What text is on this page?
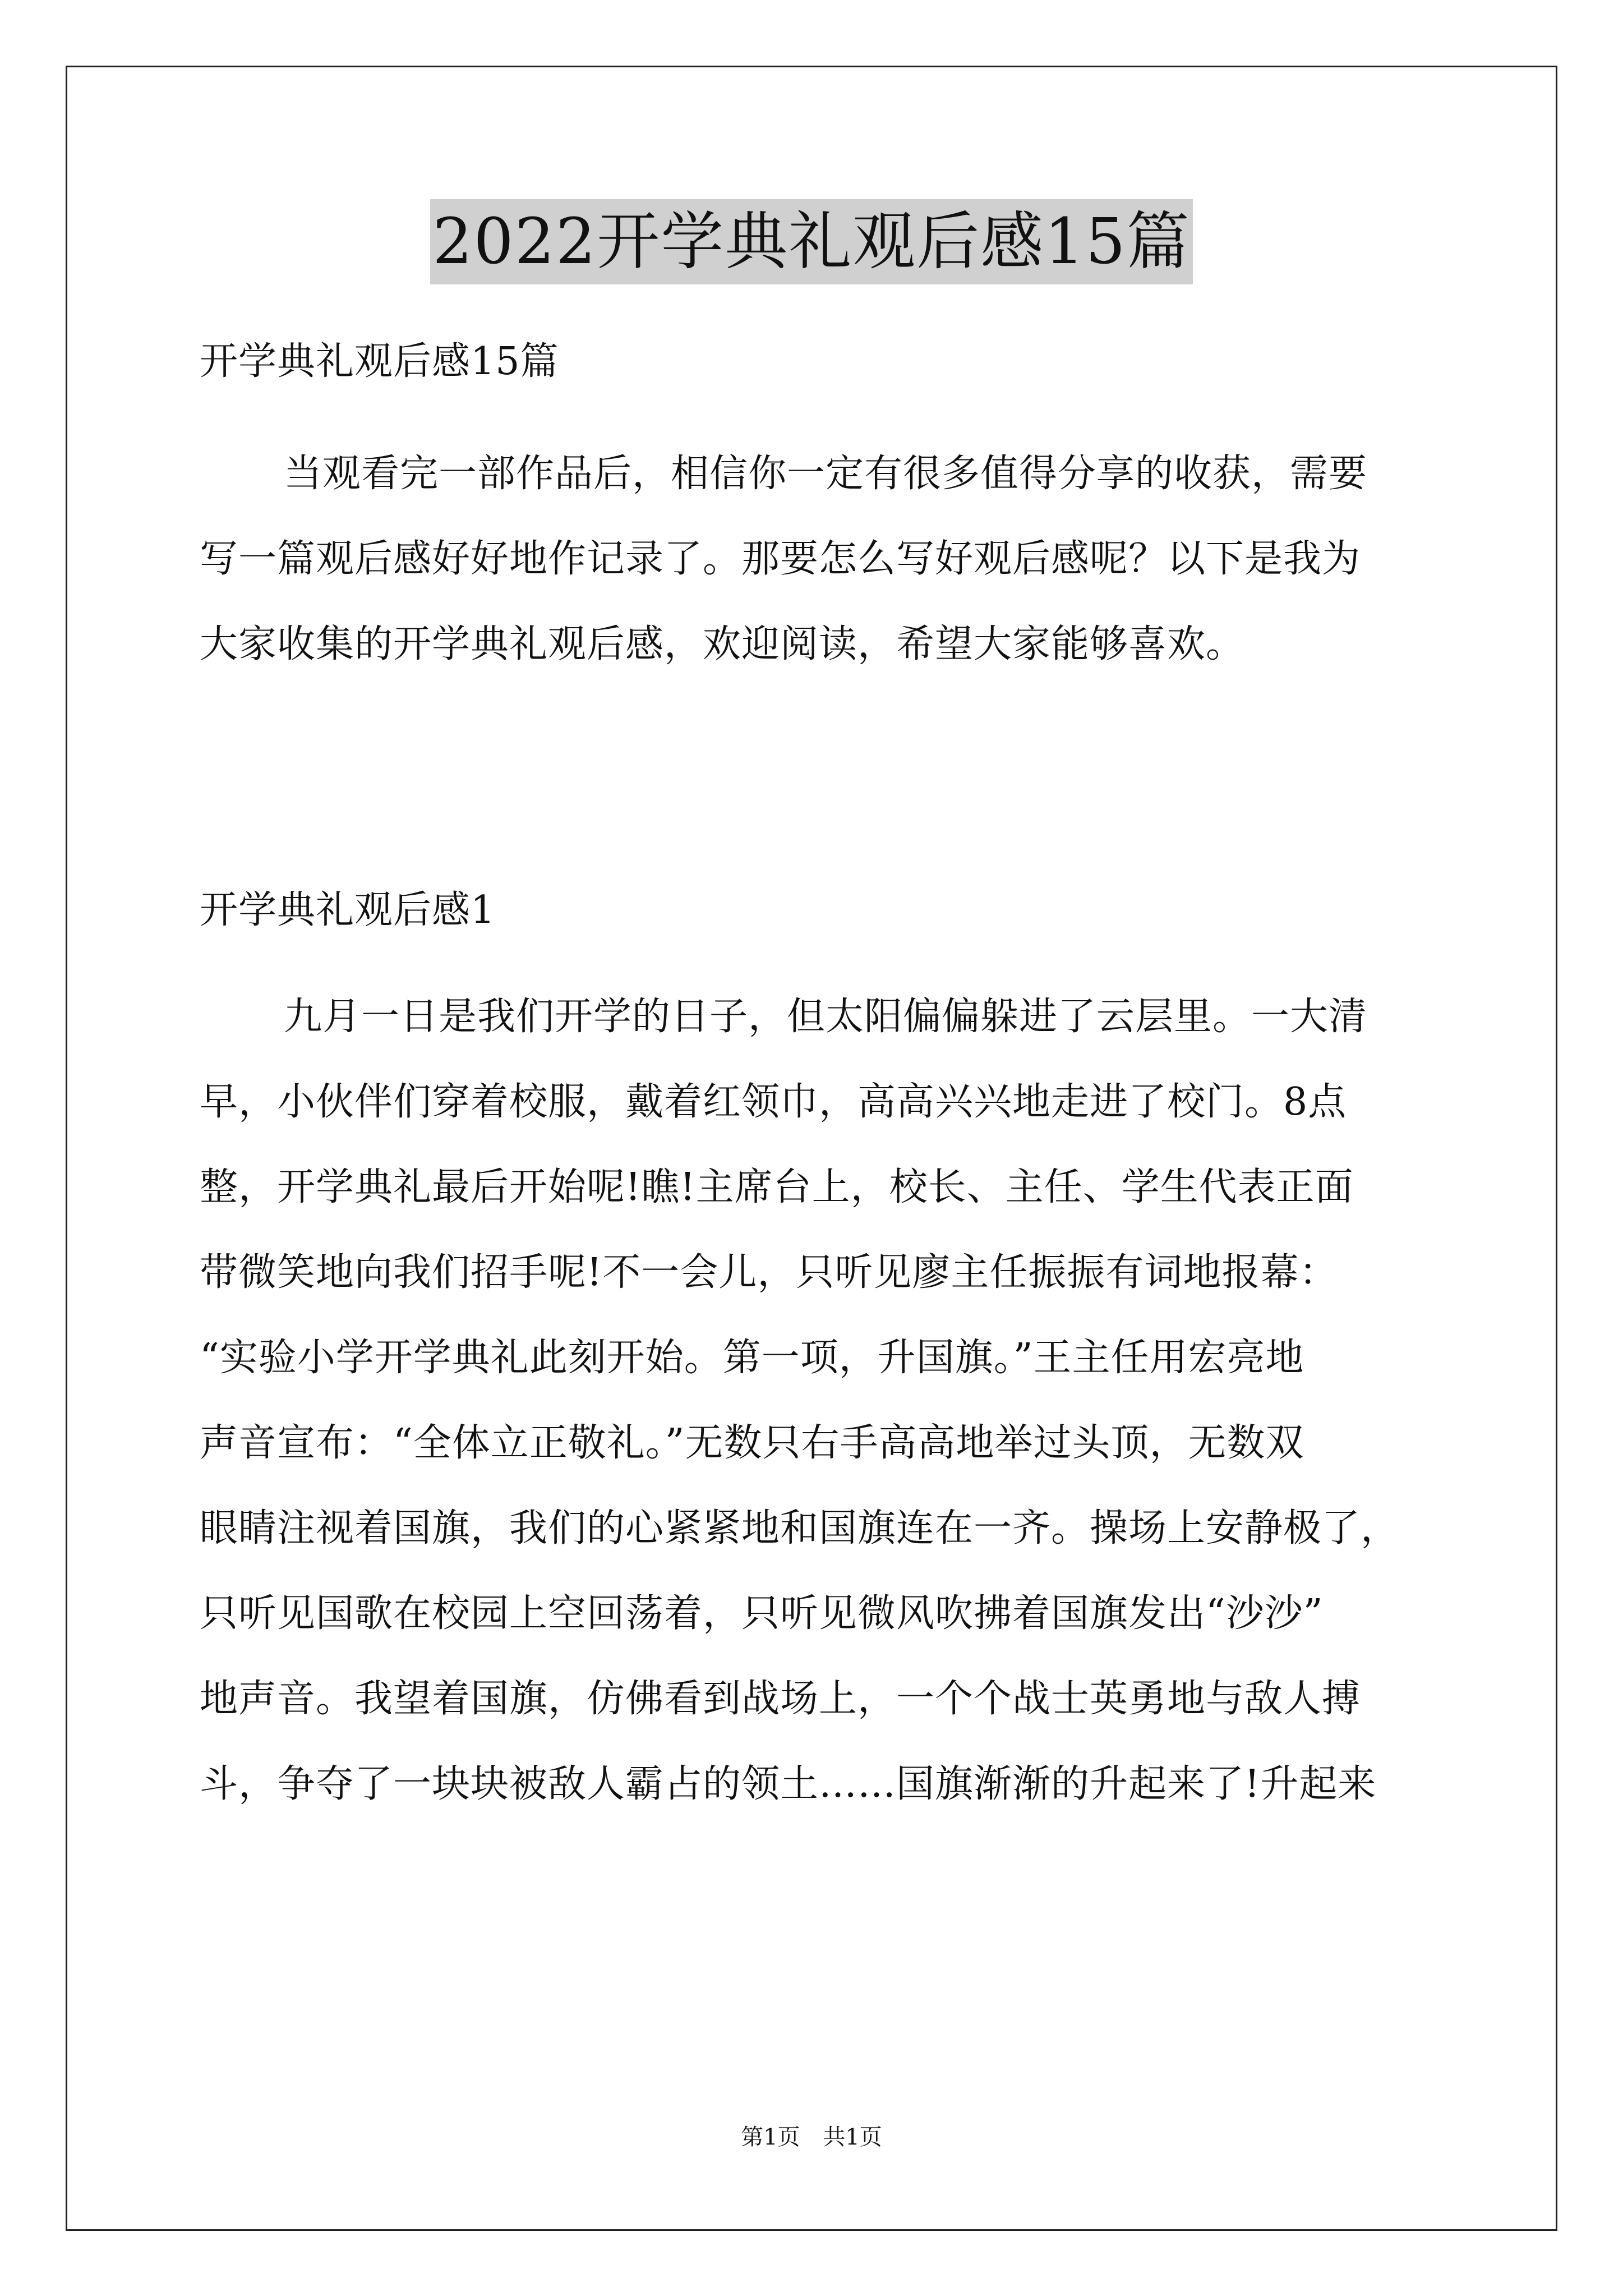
2022开学典礼观后感15篇
开学典礼观后感15篇
当观看完一部作品后，相信你一定有很多值得分享的收获，需要
写一篇观后感好好地作记录了。那要怎么写好观后感呢？以下是我为
大家收集的开学典礼观后感，欢迎阅读，希望大家能够喜欢。
开学典礼观后感1
九月一日是我们开学的日子，但太阳偏偏躲进了云层里。一大清
早，小伙伴们穿着校服，戴着红领巾，高高兴兴地走进了校门。8点
整，开学典礼最后开始呢!瞧!主席台上，校长、主任、学生代表正面
带微笑地向我们招手呢!不一会儿，只听见廖主任振振有词地报幕：
“实验小学开学典礼此刻开始。第一项，升国旗。”王主任用宏亮地
声音宣布：“全体立正敬礼。”无数只右手高高地举过头顶，无数双
眼睛注视着国旗，我们的心紧紧地和国旗连在一齐。操场上安静极了，
只听见国歌在校园上空回荡着，只听见微风吹拂着国旗发出“沙沙”
地声音。我望着国旗，仿佛看到战场上，一个个战士英勇地与敌人搏
斗，争夺了一块块被敌人霸占的领土……国旗渐渐的升起来了!升起来
第1页 共1页
